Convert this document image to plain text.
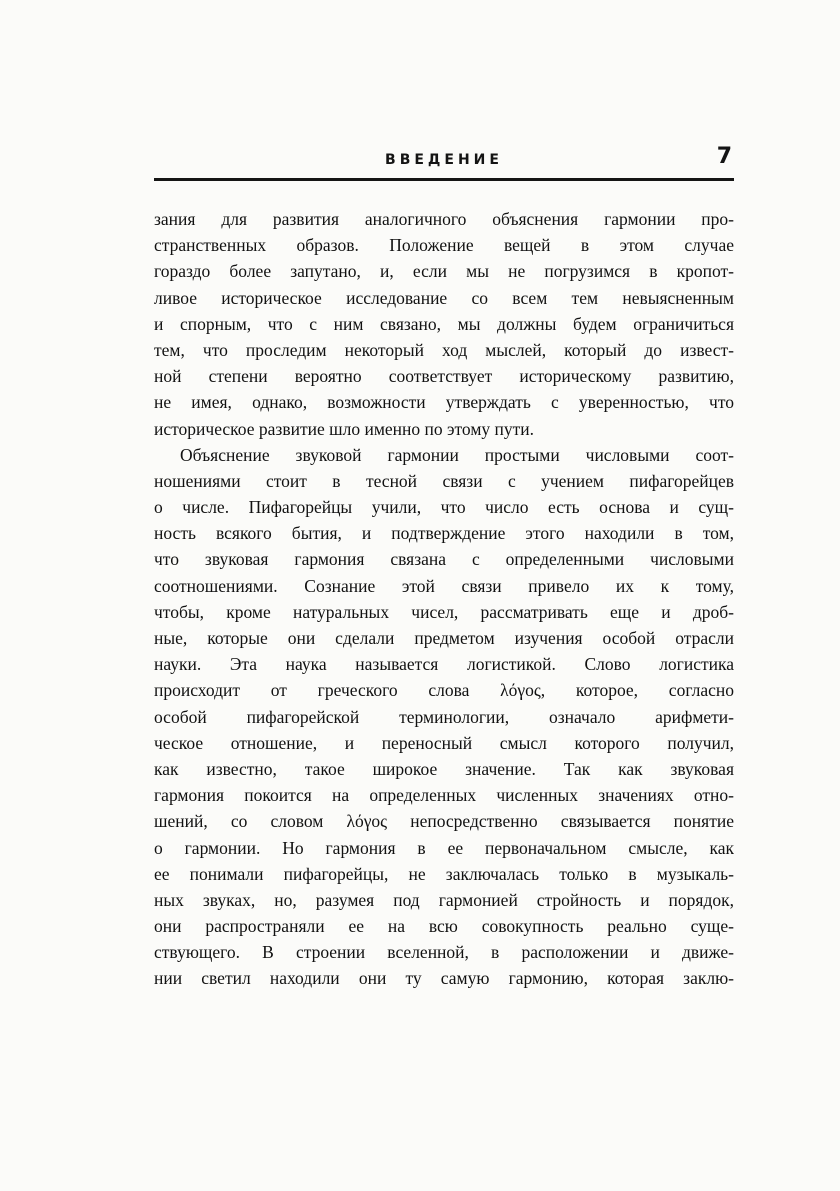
ВВЕДЕНИЕ	7
зания для развития аналогичного объяснения гармонии про-
странственных образов. Положение вещей в этом случае
гораздо более запутано, и, если мы не погрузимся в кропот-
ливое историческое исследование со всем тем невыясненным
и спорным, что с ним связано, мы должны будем ограничиться
тем, что проследим некоторый ход мыслей, который до извест-
ной степени вероятно соответствует историческому развитию,
не имея, однако, возможности утверждать с уверенностью, что
историческое развитие шло именно по этому пути.
Объяснение звуковой гармонии простыми числовыми соот-
ношениями стоит в тесной связи с учением пифагорейцев
о числе. Пифагорейцы учили, что число есть основа и сущ-
ность всякого бытия, и подтверждение этого находили в том,
что звуковая гармония связана с определенными числовыми
соотношениями. Сознание этой связи привело их к тому,
чтобы, кроме натуральных чисел, рассматривать еще и дроб-
ные, которые они сделали предметом изучения особой отрасли
науки. Эта наука называется логистикой. Слово логистика
происходит от греческого слова λόγος, которое, согласно
особой пифагорейской терминологии, означало арифмети-
ческое отношение, и переносный смысл которого получил,
как известно, такое широкое значение. Так как звуковая
гармония покоится на определенных численных значениях отно-
шений, со словом λόγος непосредственно связывается понятие
о гармонии. Но гармония в ее первоначальном смысле, как
ее понимали пифагорейцы, не заключалась только в музыкаль-
ных звуках, но, разумея под гармонией стройность и порядок,
они распространяли ее на всю совокупность реально суще-
ствующего. В строении вселенной, в расположении и движе-
нии светил находили они ту самую гармонию, которая заклю-
